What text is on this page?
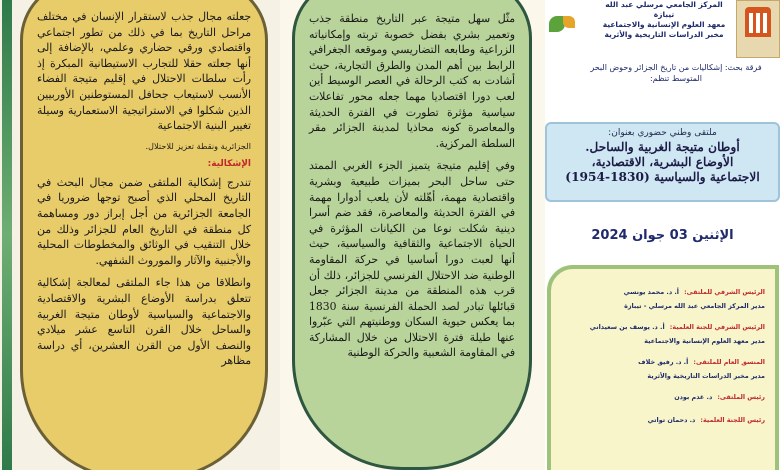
جعلته مجال جذب لاستقرار الإنسان في مختلف مراحل التاريخ بما في ذلك من تطور اجتماعي واقتصادي ورقي حضاري وعلمي، بالإضافة إلى أنها جعلته حقلا للتجارب الاستيطانية المبكرة إذ رأت سلطات الاحتلال في إقليم متيجة الفضاء الأنسب لاستيعاب جحافل المستوطنين الأوربيين الذين شكلوا في الاستراتيجية الاستعمارية وسيلة تغيير البنية الاجتماعية

الجزائرية ونقطة تعزيز للاحتلال.

الإشكالية:

تندرج إشكالية الملتقى ضمن مجال البحث في التاريخ المحلي الذي أصبح توجها ضروريا في الجامعة الجزائرية من أجل إبراز دور ومساهمة كل منطقة في التاريخ العام للجزائر وذلك من خلال التنقيب في الوثائق والمخطوطات المحلية والأجنبية والآثار والموروث الشفهي.

وانطلاقا من هذا جاء الملتقى لمعالجة إشكالية تتعلق بدراسة الأوضاع البشرية والاقتصادية والاجتماعية والسياسية لأوطان متيجة الغربية والساحل خلال القرن التاسع عشر ميلادي والنصف الأول من القرن العشرين، أي دراسة مظاهر

مثّل سهل متيجة عبر التاريخ منطقة جذب وتعمير بشري بفضل خصوبة تربته وإمكانياته الزراعية وطابعه التضاريسي وموقعه الجغرافي الرابط بين أهم المدن والطرق التجارية، حيث أشادت به كتب الرحالة في العصر الوسيط أين لعب دورا اقتصاديا مهما جعله محور تفاعلات سياسية مؤثرة تطورت في الفترة الحديثة والمعاصرة كونه محاذيا لمدينة الجزائر مقر السلطة المركزية.

وفي إقليم متيجة يتميز الجزء الغربي الممتد حتى ساحل البحر بميزات طبيعية وبشرية واقتصادية مهمة، أهّلته لأن يلعب أدوارا مهمة في الفترة الحديثة والمعاصرة، فقد ضم أسرا دينية شكلت نوعا من الكيانات المؤثرة في الحياة الاجتماعية والثقافية والسياسية، حيث أنها لعبت دورا أساسيا في حركة المقاومة الوطنية ضد الاحتلال الفرنسي للجزائر، ذلك أن قرب هذه المنطقة من مدينة الجزائر جعل قبائلها تبادر لصد الحملة الفرنسية سنة 1830 بما يعكس حيوية السكان ووطنيتهم التي عبّروا عنها طيلة فترة الاحتلال من خلال المشاركة في المقاومة الشعبية والحركة الوطنية

المركز الجامعي مرسلي عبد الله
تيبازة
معهد العلوم الإنسانية والاجتماعية
مخبر الدراسات التاريخية والأثرية
فرقة بحث: إشكاليات من تاريخ الجزائر وحوض البحر المتوسط تنظم:
ملتقى وطني حضوري بعنوان:
أوطان متيجة الغربية والساحل.
الأوضاع البشرية، الاقتصادية،
الاجتماعية والسياسية (1830-1954)
الإثنين 03 جوان 2024
الرئيس الشرفي للملتقى: أ. د. محمد يونسي
مدير المركز الجامعي عبد الله مرسلي - تيبازة
الرئيس الشرفي للجنة العلمية: أ. د. يوسف بن سعيداني
مدير معهد العلوم الإنسانية والاجتماعية
المنسق العام للملتقى: أ. د. رفيق خلاف
مدير مخبر الدراسات التاريخية والأثرية
رئيس الملتقى: د. غدم بودن
رئيس اللجنة العلمية: د. دحمان تواتي
